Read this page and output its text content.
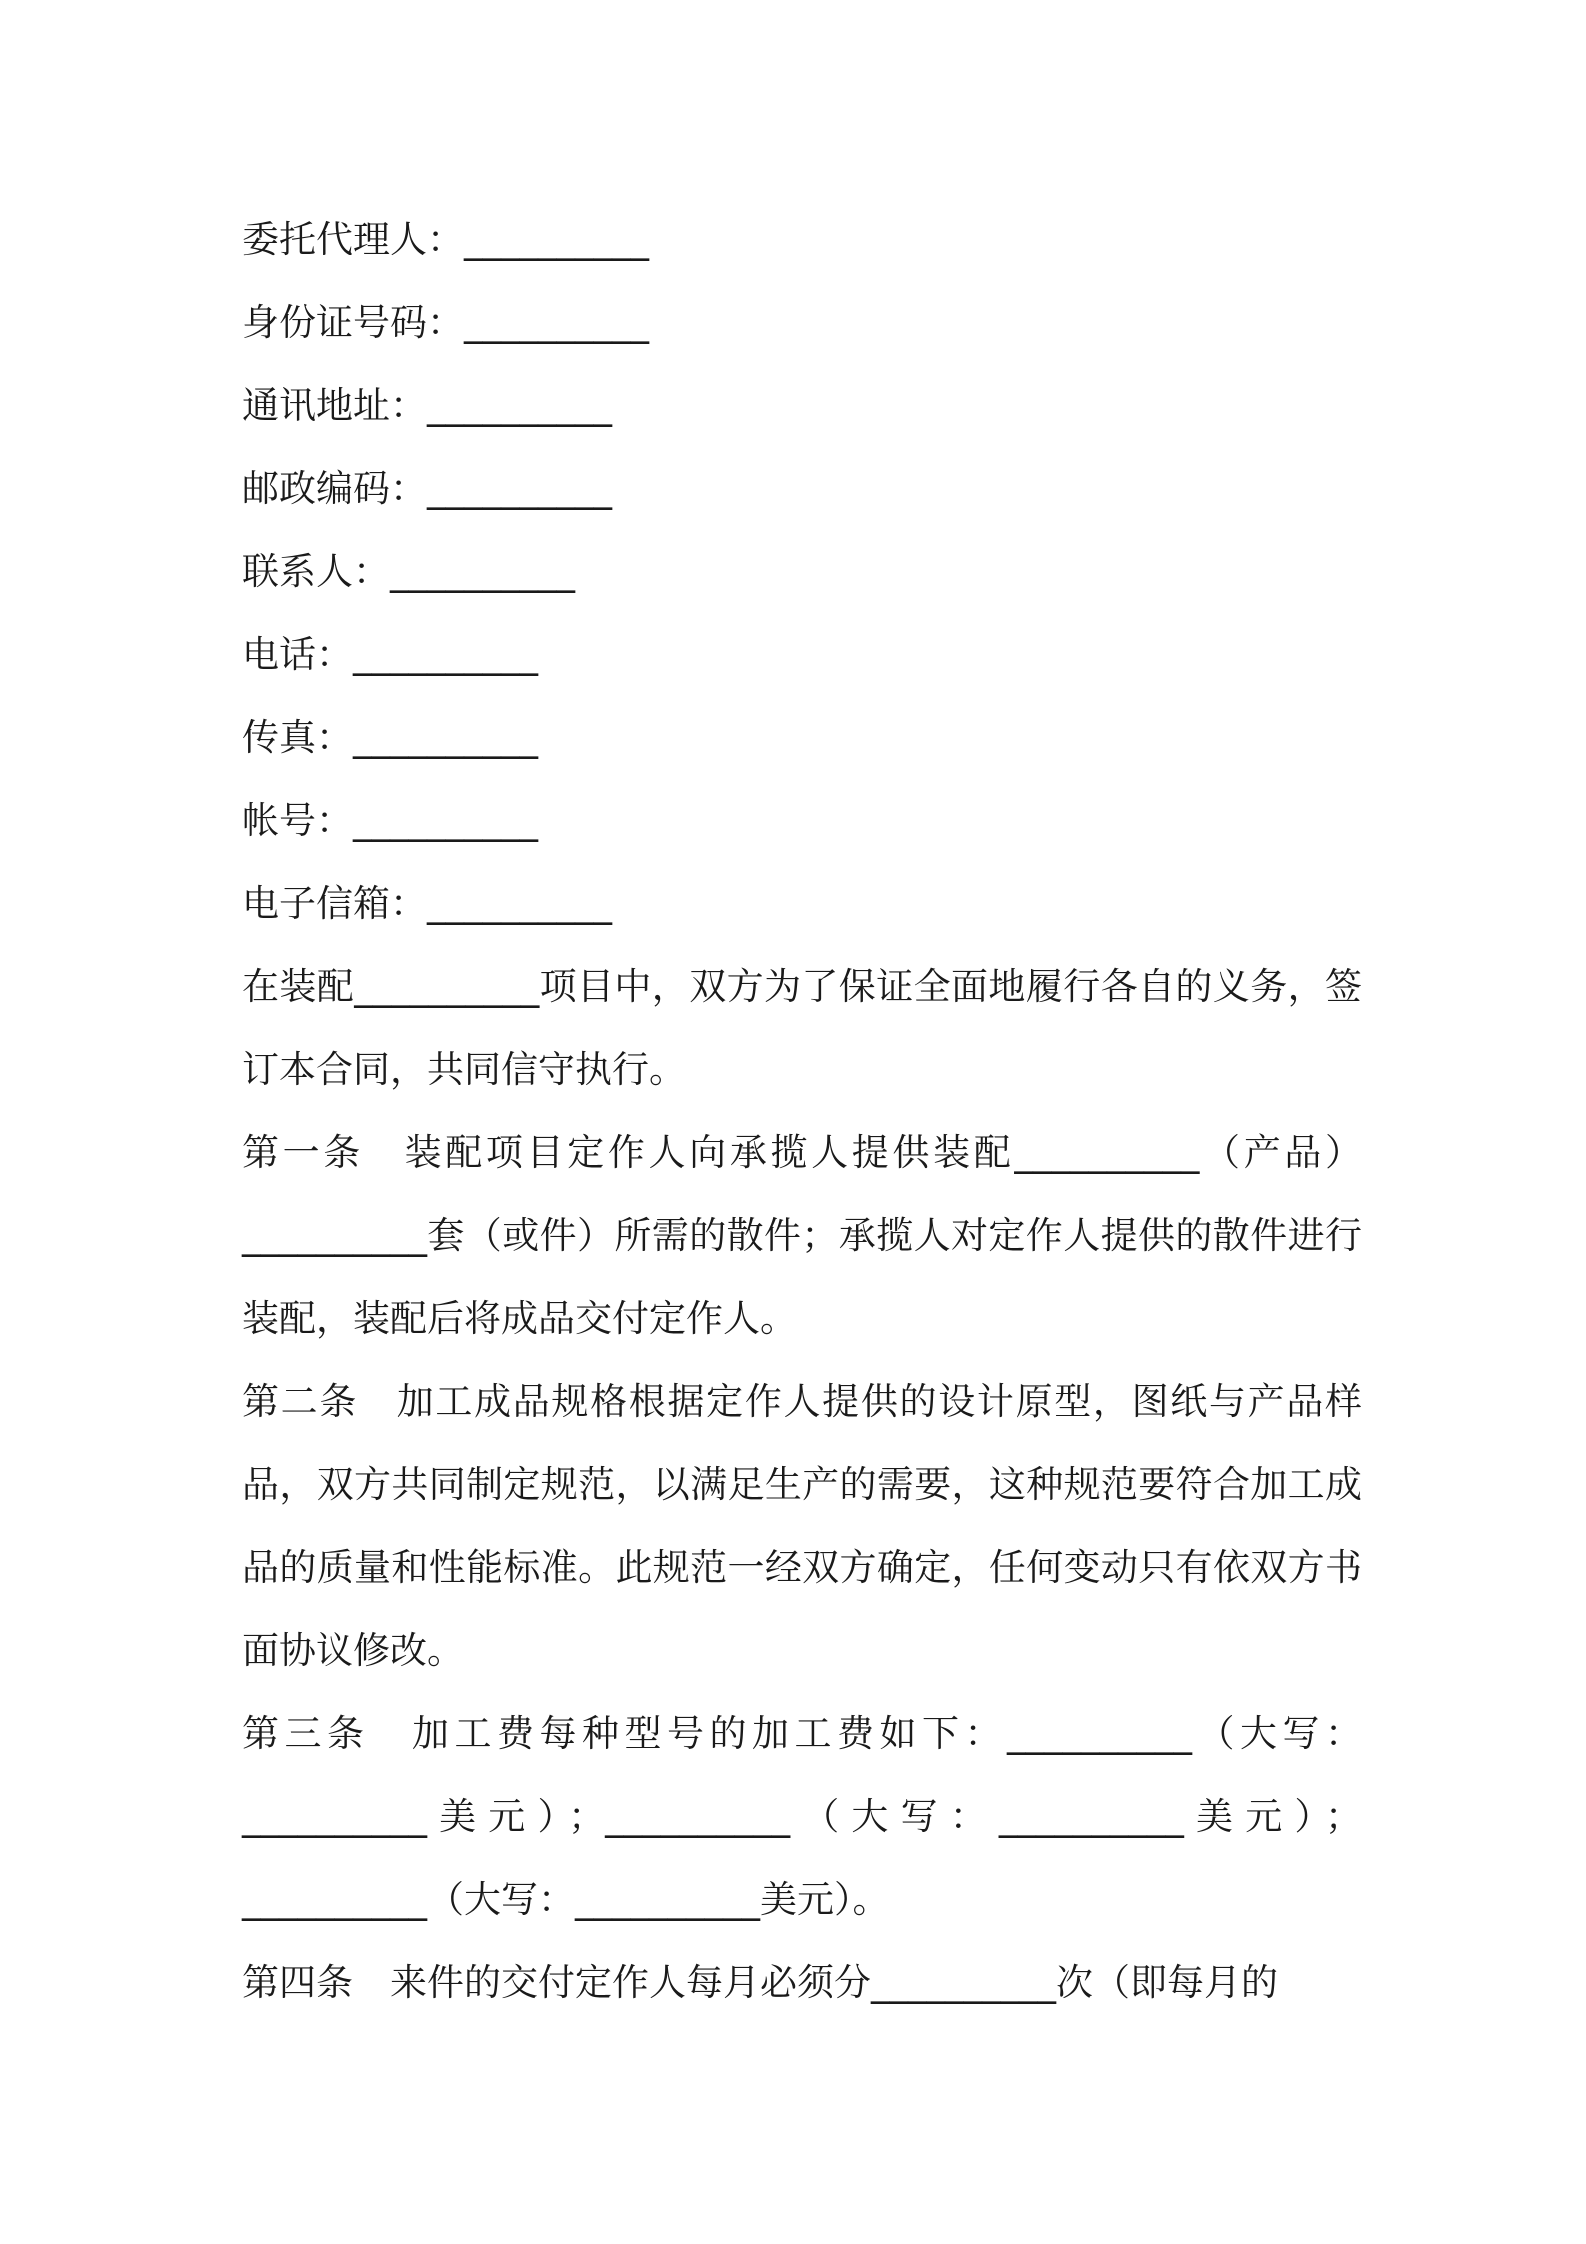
委托代理人：__________
身份证号码：__________
通讯地址：__________
邮政编码：__________
联系人：__________
电话：__________
传真：__________
帐号：__________
电子信箱：__________
在装配__________项目中，双方为了保证全面地履行各自的义务，签订本合同，共同信守执行。
第一条　装配项目定作人向承揽人提供装配__________（产品）__________套（或件）所需的散件；承揽人对定作人提供的散件进行装配，装配后将成品交付定作人。
第二条　加工成品规格根据定作人提供的设计原型，图纸与产品样品，双方共同制定规范，以满足生产的需要，这种规范要符合加工成品的质量和性能标准。此规范一经双方确定，任何变动只有依双方书面协议修改。
第三条　加工费每种型号的加工费如下：__________（大写：__________美元）；__________（大写：__________美元）；__________（大写：__________美元）。
第四条　来件的交付定作人每月必须分__________次（即每月的
